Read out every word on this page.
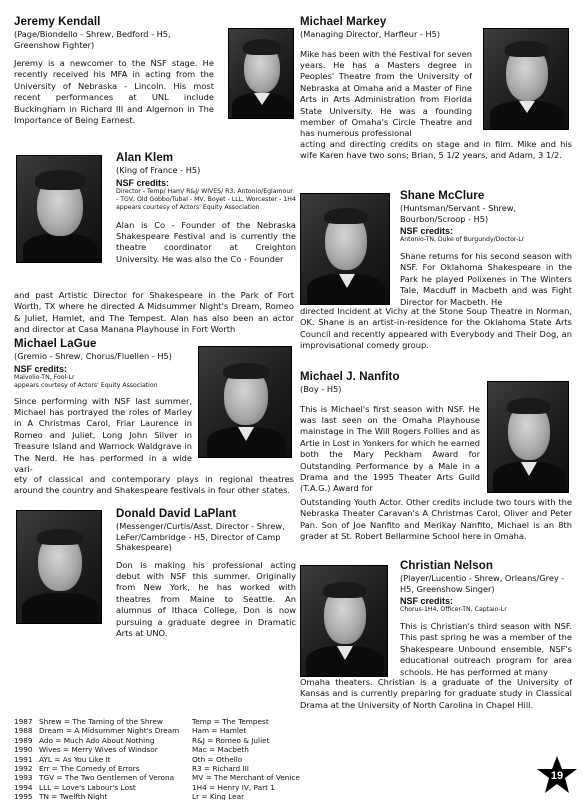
Jeremy Kendall
(Page/Biondello - Shrew, Bedford - H5, Greenshow Fighter)
Jeremy is a newcomer to the NSF stage. He recently received his MFA in acting from the University of Nebraska - Lincoln. His most recent performances at UNL include Buckingham in Richard III and Algernon in The Importance of Being Earnest.
Michael Markey
(Managing Director, Harfleur - H5)
Mike has been with the Festival for seven years. He has a Masters degree in Peoples' Theatre from the University of Nebraska at Omaha and a Master of Fine Arts in Arts Administration from Florida State University. He was a founding member of Omaha's Circle Theatre and has numerous professional
acting and directing credits on stage and in film. Mike and his wife Karen have two sons; Brian, 5 1/2 years, and Adam, 3 1/2.
Alan Klem
(King of France - H5)
NSF credits:
Director - Temp/ Ham/ R&J/ WIVES/ R3, Antonio/Eglamour - TGV, Old Gobbo/Tubal - MV, Boyet - LLL, Worcester - 1H4
appears courtesy of Actors' Equity Association
Alan is Co - Founder of the Nebraska Shakespeare Festival and is currently the theatre coordinator at Creighton University. He was also the Co - Founder
and past Artistic Director for Shakespeare in the Park of Fort Worth, TX where he directed A Midsummer Night's Dream, Romeo & Juliet, Hamlet, and The Tempest. Alan has also been an actor and director at Casa Manana Playhouse in Fort Worth
Shane McClure
(Huntsman/Servant - Shrew, Bourbon/Scroop - H5)
NSF credits:
Antonio-TN, Duke of Burgundy/Doctor-Lr
Shane returns for his second season with NSF. For Oklahoma Shakespeare in the Park he played Polixenes in The Winters Tale, Macduff in Macbeth and was Fight Director for Macbeth. He
directed Incident at Vichy at the Stone Soup Theatre in Norman, OK. Shane is an artist-in-residence for the Oklahoma State Arts Council and recently appeared with Everybody and Their Dog, an improvisational comedy group.
Michael LaGue
(Gremio - Shrew, Chorus/Fluellen - H5)
NSF credits:
Malvolio-TN, Fool-Lr
appears courtesy of Actors' Equity Association
Since performing with NSF last summer, Michael has portrayed the roles of Marley in A Christmas Carol, Friar Laurence in Romeo and Juliet, Long John Silver in Treasure Island and Warnock Waldgrave in The Nerd. He has performed in a wide vari-
ety of classical and contemporary plays in regional theatres around the country and Shakespeare festivals in four other states.
Michael J. Nanfito
(Boy - H5)
This is Michael's first season with NSF. He was last seen on the Omaha Playhouse mainstage in The Will Rogers Follies and as Artie in Lost in Yonkers for which he earned both the Mary Peckham Award for Outstanding Performance by a Male in a Drama and the 1995 Theater Arts Guild (T.A.G.) Award for
Outstanding Youth Actor. Other credits include two tours with the Nebraska Theater Caravan's A Christmas Carol, Oliver and Peter Pan. Son of Joe Nanfito and Merikay Nanfito, Michael is an 8th grader at St. Robert Bellarmine School here in Omaha.
Donald David LaPlant
(Messenger/Curtis/Asst. Director - Shrew, LeFer/Cambridge - H5, Director of Camp Shakespeare)
Don is making his professional acting debut with NSF this summer. Originally from New York, he has worked with theatres from Maine to Seattle. An alumnus of Ithaca College, Don is now pursuing a graduate degree in Dramatic Arts at UNO.
Christian Nelson
(Player/Lucentio - Shrew, Orleans/Grey - H5, Greenshow Singer)
NSF credits:
Chorus-1H4, Officer-TN, Captain-Lr
This is Christian's third season with NSF. This past spring he was a member of the Shakespeare Unbound ensemble, NSF's educational outreach program for area schools. He has performed at many
Omaha theaters. Christian is a graduate of the University of Kansas and is currently preparing for graduate study in Classical Drama at the University of North Carolina in Chapel Hill.
1987 Shrew = The Taming of the Shrew	Temp = The Tempest
1988 Dream = A Midsummer Night's Dream	Ham = Hamlet
1989 Ado = Much Ado About Nothing	R&J = Romeo & Juliet
1990 Wives = Merry Wives of Windsor	Mac = Macbeth
1991 AYL = As You Like It	Oth = Othello
1992 Err = The Comedy of Errors	R3 = Richard III
1993 TGV = The Two Gentlemen of Verona	MV = The Merchant of Venice
1994 LLL = Love's Labour's Lost	1H4 = Henry IV, Part 1
1995 TN = Twelfth Night	Lr = King Lear
19
